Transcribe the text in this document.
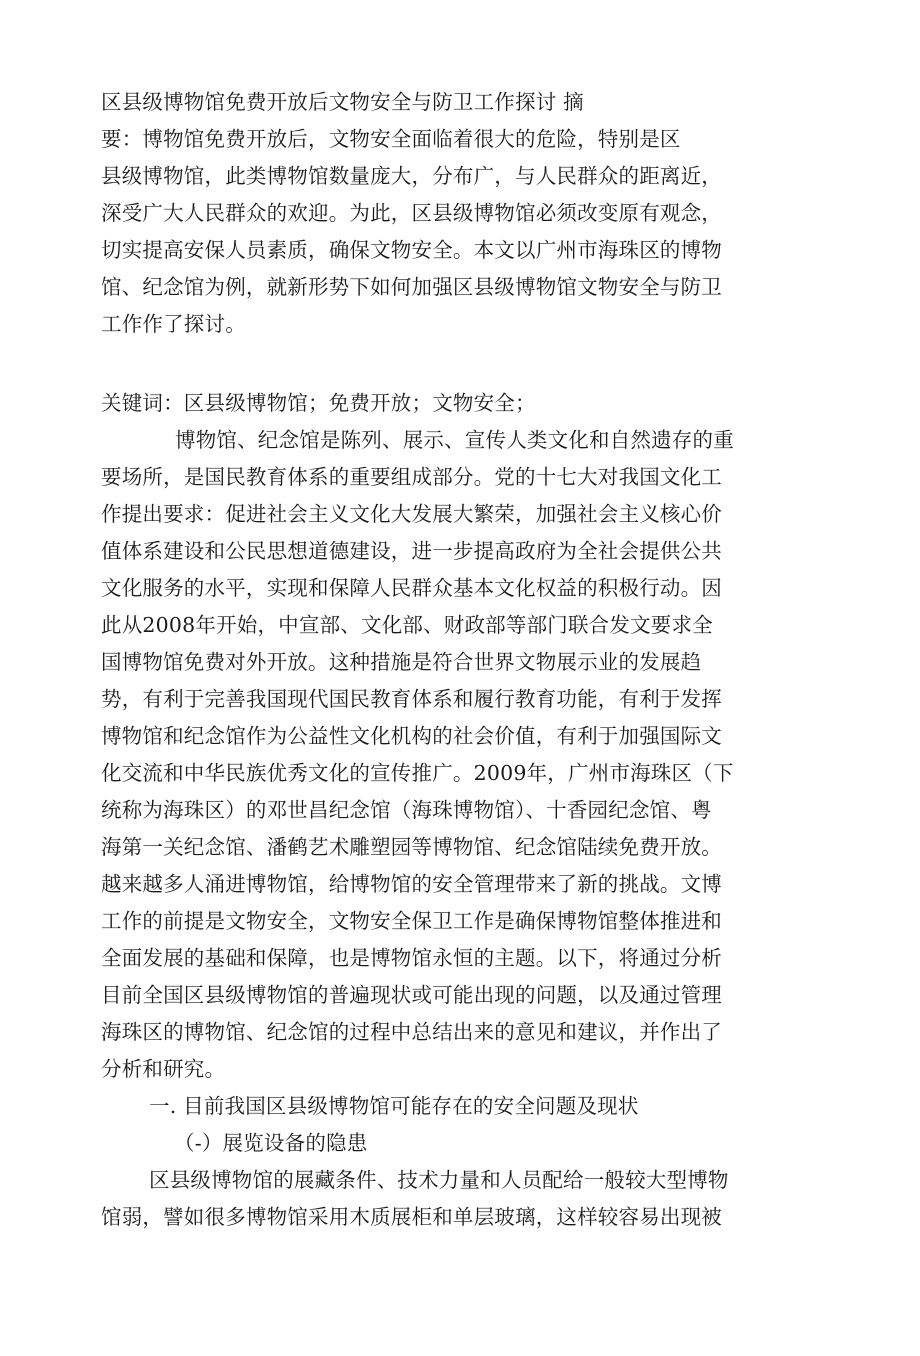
区县级博物馆免费开放后文物安全与防卫工作探讨 摘
要：博物馆免费开放后，文物安全面临着很大的危险，特别是区
县级博物馆，此类博物馆数量庞大，分布广，与人民群众的距离近，
深受广大人民群众的欢迎。为此，区县级博物馆必须改变原有观念，
切实提高安保人员素质，确保文物安全。本文以广州市海珠区的博物
馆、纪念馆为例，就新形势下如何加强区县级博物馆文物安全与防卫
工作作了探讨。
关键词：区县级博物馆；免费开放；文物安全；
博物馆、纪念馆是陈列、展示、宣传人类文化和自然遗存的重
要场所，是国民教育体系的重要组成部分。党的十七大对我国文化工
作提出要求：促进社会主义文化大发展大繁荣，加强社会主义核心价
值体系建设和公民思想道德建设，进一步提高政府为全社会提供公共
文化服务的水平，实现和保障人民群众基本文化权益的积极行动。因
此从2008年开始，中宣部、文化部、财政部等部门联合发文要求全
国博物馆免费对外开放。这种措施是符合世界文物展示业的发展趋
势，有利于完善我国现代国民教育体系和履行教育功能，有利于发挥
博物馆和纪念馆作为公益性文化机构的社会价值，有利于加强国际文
化交流和中华民族优秀文化的宣传推广。2009年，广州市海珠区（下
统称为海珠区）的邓世昌纪念馆（海珠博物馆）、十香园纪念馆、粤
海第一关纪念馆、潘鹤艺术雕塑园等博物馆、纪念馆陆续免费开放。
越来越多人涌进博物馆，给博物馆的安全管理带来了新的挑战。文博
工作的前提是文物安全，文物安全保卫工作是确保博物馆整体推进和
全面发展的基础和保障，也是博物馆永恒的主题。以下，将通过分析
目前全国区县级博物馆的普遍现状或可能出现的问题，以及通过管理
海珠区的博物馆、纪念馆的过程中总结出来的意见和建议，并作出了
分析和研究。
一. 目前我国区县级博物馆可能存在的安全问题及现状
（-）展览设备的隐患
区县级博物馆的展藏条件、技术力量和人员配给一般较大型博物
馆弱，譬如很多博物馆采用木质展柜和单层玻璃，这样较容易出现被
